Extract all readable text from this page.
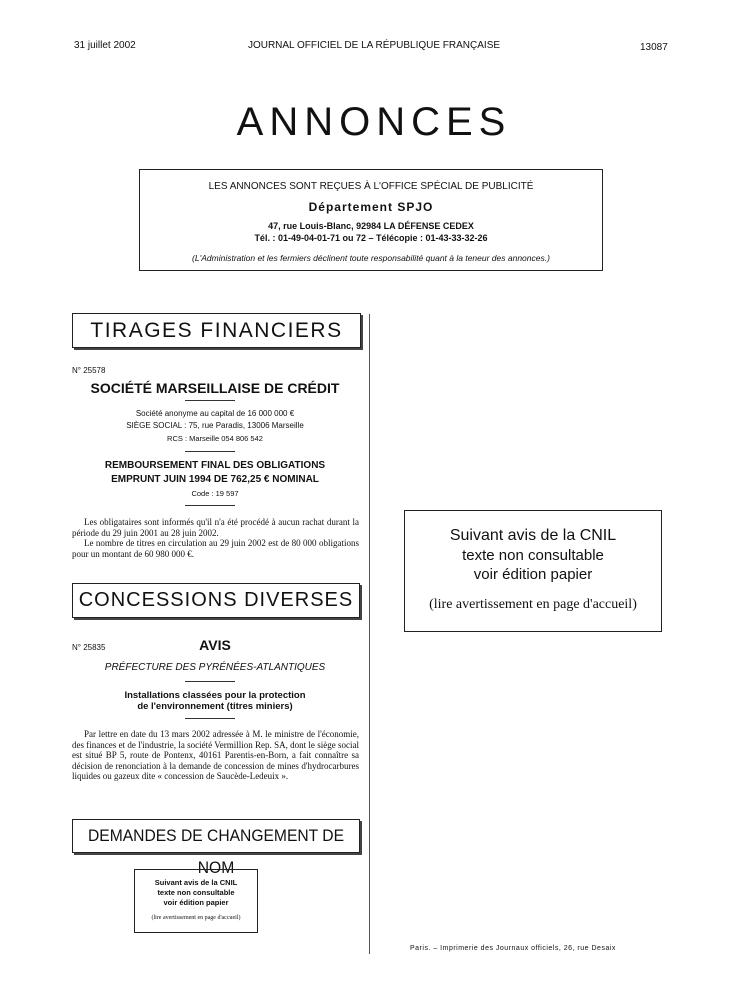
31 juillet 2002	JOURNAL OFFICIEL DE LA RÉPUBLIQUE FRANÇAISE	13087
ANNONCES
LES ANNONCES SONT REÇUES À L'OFFICE SPÉCIAL DE PUBLICITÉ
Département SPJO
47, rue Louis-Blanc, 92984 LA DÉFENSE CEDEX
Tél. : 01-49-04-01-71 ou 72 – Télécopie : 01-43-33-32-26
(L'Administration et les fermiers déclinent toute responsabilité quant à la teneur des annonces.)
TIRAGES FINANCIERS
N° 25578
SOCIÉTÉ MARSEILLAISE DE CRÉDIT
Société anonyme au capital de 16 000 000 €
SIÈGE SOCIAL : 75, rue Paradis, 13006 Marseille
RCS : Marseille 054 806 542
REMBOURSEMENT FINAL DES OBLIGATIONS
EMPRUNT JUIN 1994 DE 762,25 € NOMINAL
Code : 19 597

Les obligataires sont informés qu'il n'a été procédé à aucun rachat durant la période du 29 juin 2001 au 28 juin 2002.

Le nombre de titres en circulation au 29 juin 2002 est de 80 000 obligations pour un montant de 60 980 000 €.

CONCESSIONS DIVERSES
N° 25835	AVIS
PRÉFECTURE DES PYRÉNÉES-ATLANTIQUES
Installations classées pour la protection
de l'environnement (titres miniers)

Par lettre en date du 13 mars 2002 adressée à M. le ministre de l'économie, des finances et de l'industrie, la société Vermillion Rep. SA, dont le siège social est situé BP 5, route de Pontenx, 40161 Parentis-en-Born, a fait connaître sa décision de renonciation à la demande de concession de mines d'hydrocarbures liquides ou gazeux dite « concession de Saucède-Ledeuix ».

DEMANDES DE CHANGEMENT DE NOM
Suivant avis de la CNIL
texte non consultable
voir édition papier
(lire avertissement en page d'accueil)
Suivant avis de la CNIL
texte non consultable
voir édition papier
(lire avertissement en page d'accueil)
Paris. – Imprimerie des Journaux officiels, 26, rue Desaix
